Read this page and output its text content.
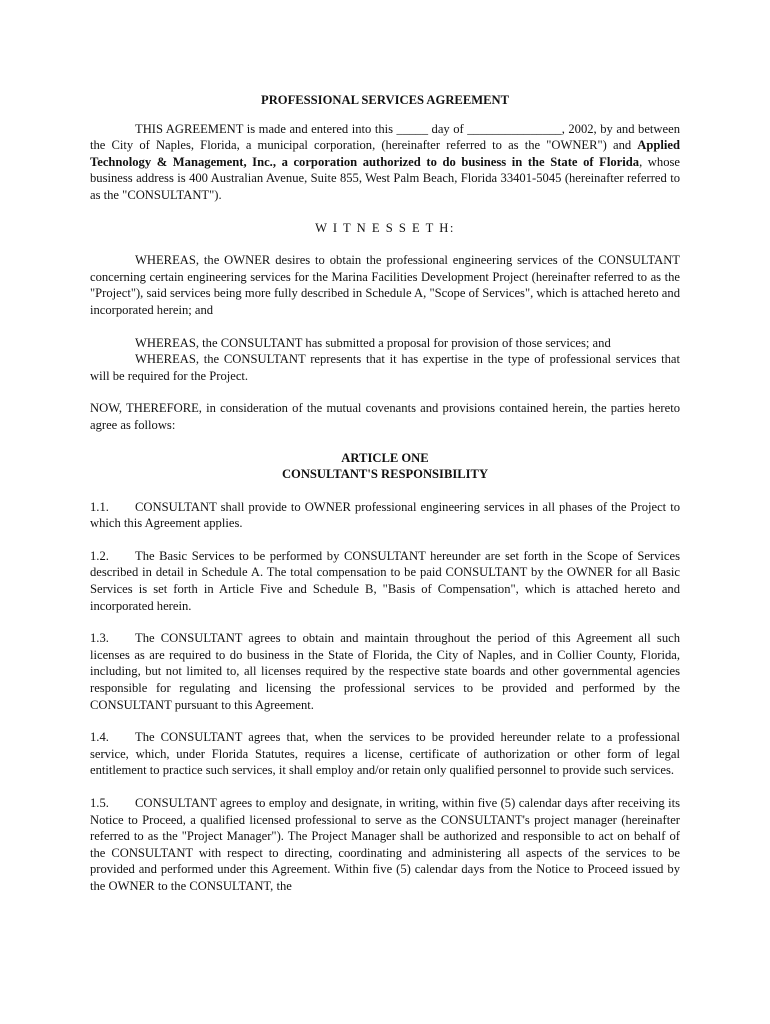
PROFESSIONAL SERVICES AGREEMENT

THIS AGREEMENT is made and entered into this _____ day of _______________, 2002, by and between the City of Naples, Florida, a municipal corporation, (hereinafter referred to as the "OWNER") and Applied Technology & Management, Inc., a corporation authorized to do business in the State of Florida, whose business address is 400 Australian Avenue, Suite 855, West Palm Beach, Florida 33401-5045 (hereinafter referred to as the "CONSULTANT").

W I T N E S S E T H:

WHEREAS, the OWNER desires to obtain the professional engineering services of the CONSULTANT concerning certain engineering services for the Marina Facilities Development Project (hereinafter referred to as the "Project"), said services being more fully described in Schedule A, "Scope of Services", which is attached hereto and incorporated herein; and

WHEREAS, the CONSULTANT has submitted a proposal for provision of those services; and

WHEREAS, the CONSULTANT represents that it has expertise in the type of professional services that will be required for the Project.

NOW, THEREFORE, in consideration of the mutual covenants and provisions contained herein, the parties hereto agree as follows:

ARTICLE ONE
CONSULTANT'S RESPONSIBILITY

1.1. CONSULTANT shall provide to OWNER professional engineering services in all phases of the Project to which this Agreement applies.

1.2. The Basic Services to be performed by CONSULTANT hereunder are set forth in the Scope of Services described in detail in Schedule A. The total compensation to be paid CONSULTANT by the OWNER for all Basic Services is set forth in Article Five and Schedule B, "Basis of Compensation", which is attached hereto and incorporated herein.

1.3. The CONSULTANT agrees to obtain and maintain throughout the period of this Agreement all such licenses as are required to do business in the State of Florida, the City of Naples, and in Collier County, Florida, including, but not limited to, all licenses required by the respective state boards and other governmental agencies responsible for regulating and licensing the professional services to be provided and performed by the CONSULTANT pursuant to this Agreement.

1.4. The CONSULTANT agrees that, when the services to be provided hereunder relate to a professional service, which, under Florida Statutes, requires a license, certificate of authorization or other form of legal entitlement to practice such services, it shall employ and/or retain only qualified personnel to provide such services.

1.5. CONSULTANT agrees to employ and designate, in writing, within five (5) calendar days after receiving its Notice to Proceed, a qualified licensed professional to serve as the CONSULTANT's project manager (hereinafter referred to as the "Project Manager"). The Project Manager shall be authorized and responsible to act on behalf of the CONSULTANT with respect to directing, coordinating and administering all aspects of the services to be provided and performed under this Agreement. Within five (5) calendar days from the Notice to Proceed issued by the OWNER to the CONSULTANT, the
